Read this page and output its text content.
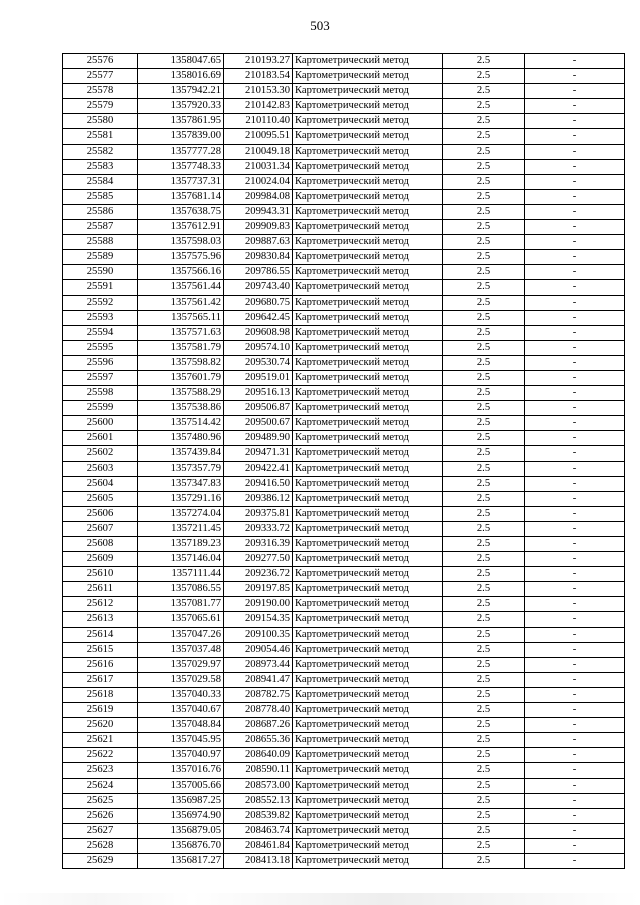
503
25576	1358047.65	210193.27	Картометрический метод	2.5	-
25577	1358016.69	210183.54	Картометрический метод	2.5	-
25578	1357942.21	210153.30	Картометрический метод	2.5	-
25579	1357920.33	210142.83	Картометрический метод	2.5	-
25580	1357861.95	210110.40	Картометрический метод	2.5	-
25581	1357839.00	210095.51	Картометрический метод	2.5	-
25582	1357777.28	210049.18	Картометрический метод	2.5	-
25583	1357748.33	210031.34	Картометрический метод	2.5	-
25584	1357737.31	210024.04	Картометрический метод	2.5	-
25585	1357681.14	209984.08	Картометрический метод	2.5	-
25586	1357638.75	209943.31	Картометрический метод	2.5	-
25587	1357612.91	209909.83	Картометрический метод	2.5	-
25588	1357598.03	209887.63	Картометрический метод	2.5	-
25589	1357575.96	209830.84	Картометрический метод	2.5	-
25590	1357566.16	209786.55	Картометрический метод	2.5	-
25591	1357561.44	209743.40	Картометрический метод	2.5	-
25592	1357561.42	209680.75	Картометрический метод	2.5	-
25593	1357565.11	209642.45	Картометрический метод	2.5	-
25594	1357571.63	209608.98	Картометрический метод	2.5	-
25595	1357581.79	209574.10	Картометрический метод	2.5	-
25596	1357598.82	209530.74	Картометрический метод	2.5	-
25597	1357601.79	209519.01	Картометрический метод	2.5	-
25598	1357588.29	209516.13	Картометрический метод	2.5	-
25599	1357538.86	209506.87	Картометрический метод	2.5	-
25600	1357514.42	209500.67	Картометрический метод	2.5	-
25601	1357480.96	209489.90	Картометрический метод	2.5	-
25602	1357439.84	209471.31	Картометрический метод	2.5	-
25603	1357357.79	209422.41	Картометрический метод	2.5	-
25604	1357347.83	209416.50	Картометрический метод	2.5	-
25605	1357291.16	209386.12	Картометрический метод	2.5	-
25606	1357274.04	209375.81	Картометрический метод	2.5	-
25607	1357211.45	209333.72	Картометрический метод	2.5	-
25608	1357189.23	209316.39	Картометрический метод	2.5	-
25609	1357146.04	209277.50	Картометрический метод	2.5	-
25610	1357111.44	209236.72	Картометрический метод	2.5	-
25611	1357086.55	209197.85	Картометрический метод	2.5	-
25612	1357081.77	209190.00	Картометрический метод	2.5	-
25613	1357065.61	209154.35	Картометрический метод	2.5	-
25614	1357047.26	209100.35	Картометрический метод	2.5	-
25615	1357037.48	209054.46	Картометрический метод	2.5	-
25616	1357029.97	208973.44	Картометрический метод	2.5	-
25617	1357029.58	208941.47	Картометрический метод	2.5	-
25618	1357040.33	208782.75	Картометрический метод	2.5	-
25619	1357040.67	208778.40	Картометрический метод	2.5	-
25620	1357048.84	208687.26	Картометрический метод	2.5	-
25621	1357045.95	208655.36	Картометрический метод	2.5	-
25622	1357040.97	208640.09	Картометрический метод	2.5	-
25623	1357016.76	208590.11	Картометрический метод	2.5	-
25624	1357005.66	208573.00	Картометрический метод	2.5	-
25625	1356987.25	208552.13	Картометрический метод	2.5	-
25626	1356974.90	208539.82	Картометрический метод	2.5	-
25627	1356879.05	208463.74	Картометрический метод	2.5	-
25628	1356876.70	208461.84	Картометрический метод	2.5	-
25629	1356817.27	208413.18	Картометрический метод	2.5	-
